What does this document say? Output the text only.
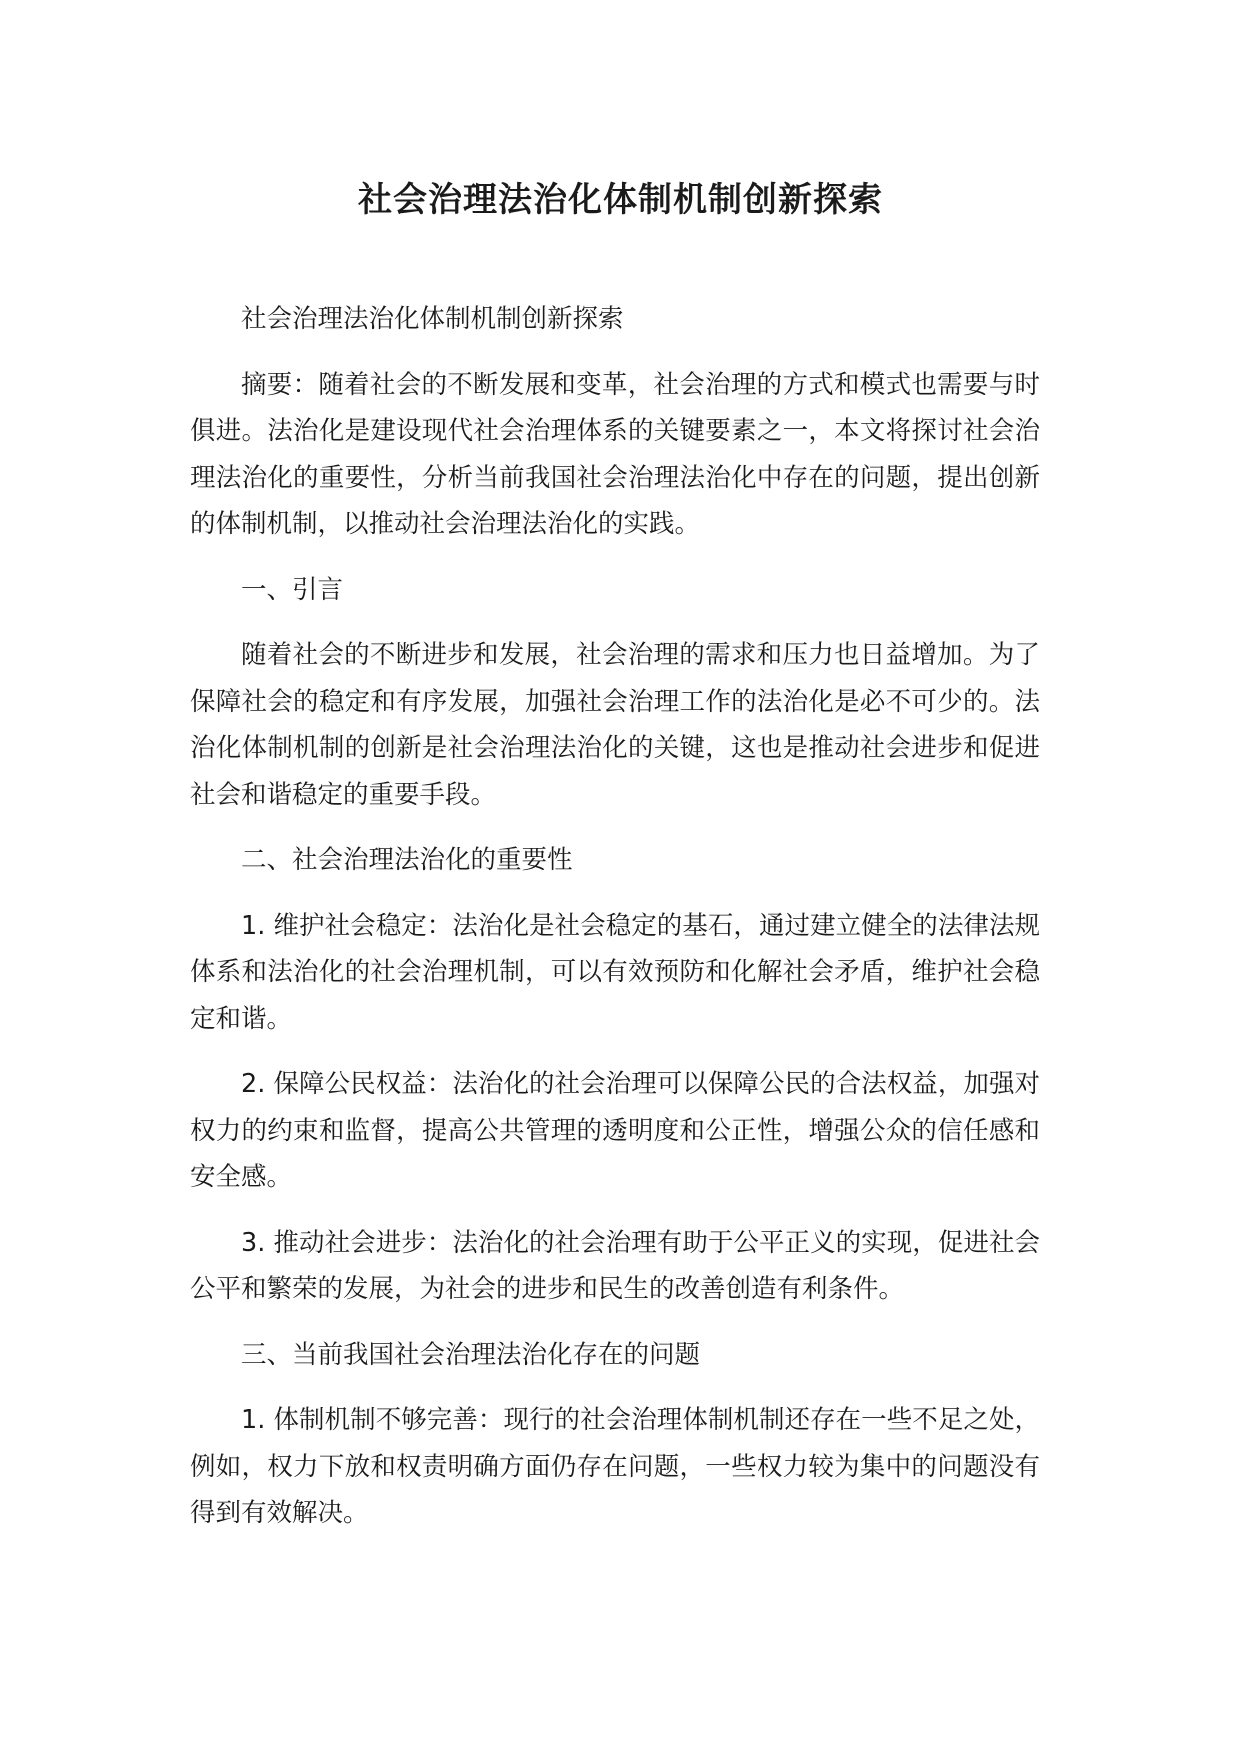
社会治理法治化体制机制创新探索

社会治理法治化体制机制创新探索

摘要：随着社会的不断发展和变革，社会治理的方式和模式也需要与时俱进。法治化是建设现代社会治理体系的关键要素之一，本文将探讨社会治理法治化的重要性，分析当前我国社会治理法治化中存在的问题，提出创新的体制机制，以推动社会治理法治化的实践。

一、引言

随着社会的不断进步和发展，社会治理的需求和压力也日益增加。为了保障社会的稳定和有序发展，加强社会治理工作的法治化是必不可少的。法治化体制机制的创新是社会治理法治化的关键，这也是推动社会进步和促进社会和谐稳定的重要手段。

二、社会治理法治化的重要性

1. 维护社会稳定：法治化是社会稳定的基石，通过建立健全的法律法规体系和法治化的社会治理机制，可以有效预防和化解社会矛盾，维护社会稳定和谐。

2. 保障公民权益：法治化的社会治理可以保障公民的合法权益，加强对权力的约束和监督，提高公共管理的透明度和公正性，增强公众的信任感和安全感。

3. 推动社会进步：法治化的社会治理有助于公平正义的实现，促进社会公平和繁荣的发展，为社会的进步和民生的改善创造有利条件。

三、当前我国社会治理法治化存在的问题

1. 体制机制不够完善：现行的社会治理体制机制还存在一些不足之处，例如，权力下放和权责明确方面仍存在问题，一些权力较为集中的问题没有得到有效解决。
